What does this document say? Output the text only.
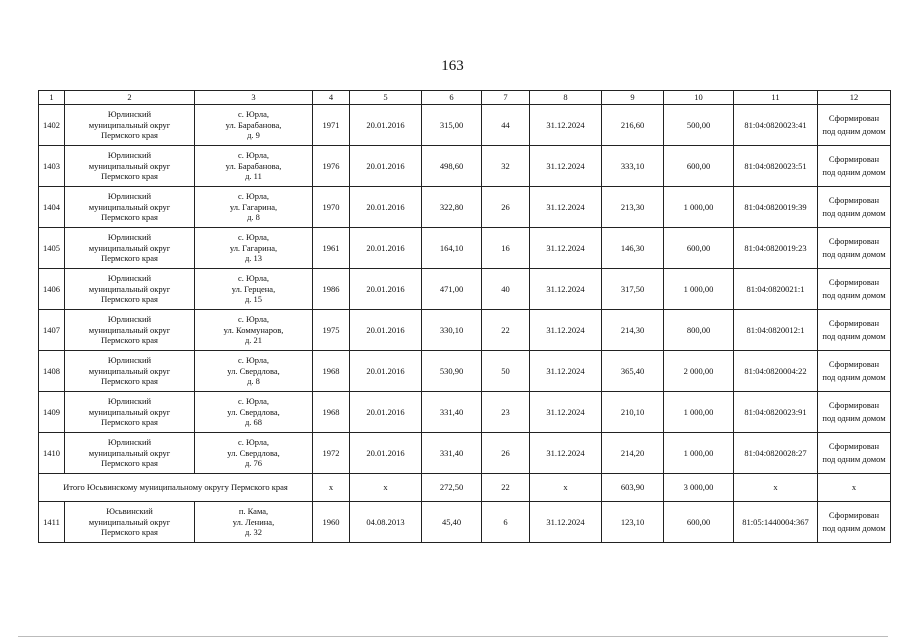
163
1	2	3	4	5	6	7	8	9	10	11	12
1402	Юрлинский
муниципальный округ
Пермского края	с. Юрла,
ул. Барабанова,
д. 9	1971	20.01.2016	315,00	44	31.12.2024	216,60	500,00	81:04:0820023:41	Сформирован
под одним домом

1403	Юрлинский
муниципальный округ
Пермского края	с. Юрла,
ул. Барабанова,
д. 11	1976	20.01.2016	498,60	32	31.12.2024	333,10	600,00	81:04:0820023:51	Сформирован
под одним домом

1404	Юрлинский
муниципальный округ
Пермского края	с. Юрла,
ул. Гагарина,
д. 8	1970	20.01.2016	322,80	26	31.12.2024	213,30	1 000,00	81:04:0820019:39	Сформирован
под одним домом

1405	Юрлинский
муниципальный округ
Пермского края	с. Юрла,
ул. Гагарина,
д. 13	1961	20.01.2016	164,10	16	31.12.2024	146,30	600,00	81:04:0820019:23	Сформирован
под одним домом

1406	Юрлинский
муниципальный округ
Пермского края	с. Юрла,
ул. Герцена,
д. 15	1986	20.01.2016	471,00	40	31.12.2024	317,50	1 000,00	81:04:0820021:1	Сформирован
под одним домом

1407	Юрлинский
муниципальный округ
Пермского края	с. Юрла,
ул. Коммунаров,
д. 21	1975	20.01.2016	330,10	22	31.12.2024	214,30	800,00	81:04:0820012:1	Сформирован
под одним домом

1408	Юрлинский
муниципальный округ
Пермского края	с. Юрла,
ул. Свердлова,
д. 8	1968	20.01.2016	530,90	50	31.12.2024	365,40	2 000,00	81:04:0820004:22	Сформирован
под одним домом

1409	Юрлинский
муниципальный округ
Пермского края	с. Юрла,
ул. Свердлова,
д. 68	1968	20.01.2016	331,40	23	31.12.2024	210,10	1 000,00	81:04:0820023:91	Сформирован
под одним домом

1410	Юрлинский
муниципальный округ
Пермского края	с. Юрла,
ул. Свердлова,
д. 76	1972	20.01.2016	331,40	26	31.12.2024	214,20	1 000,00	81:04:0820028:27	Сформирован
под одним домом

Итого Юсьвинскому муниципальному округу Пермского края			x	x	272,50	22	x	603,90	3 000,00	x	x
1411	Юсьвинский
муниципальный округ
Пермского края	п. Кама,
ул. Ленина,
д. 32	1960	04.08.2013	45,40	6	31.12.2024	123,10	600,00	81:05:1440004:367	Сформирован
под одним домом
